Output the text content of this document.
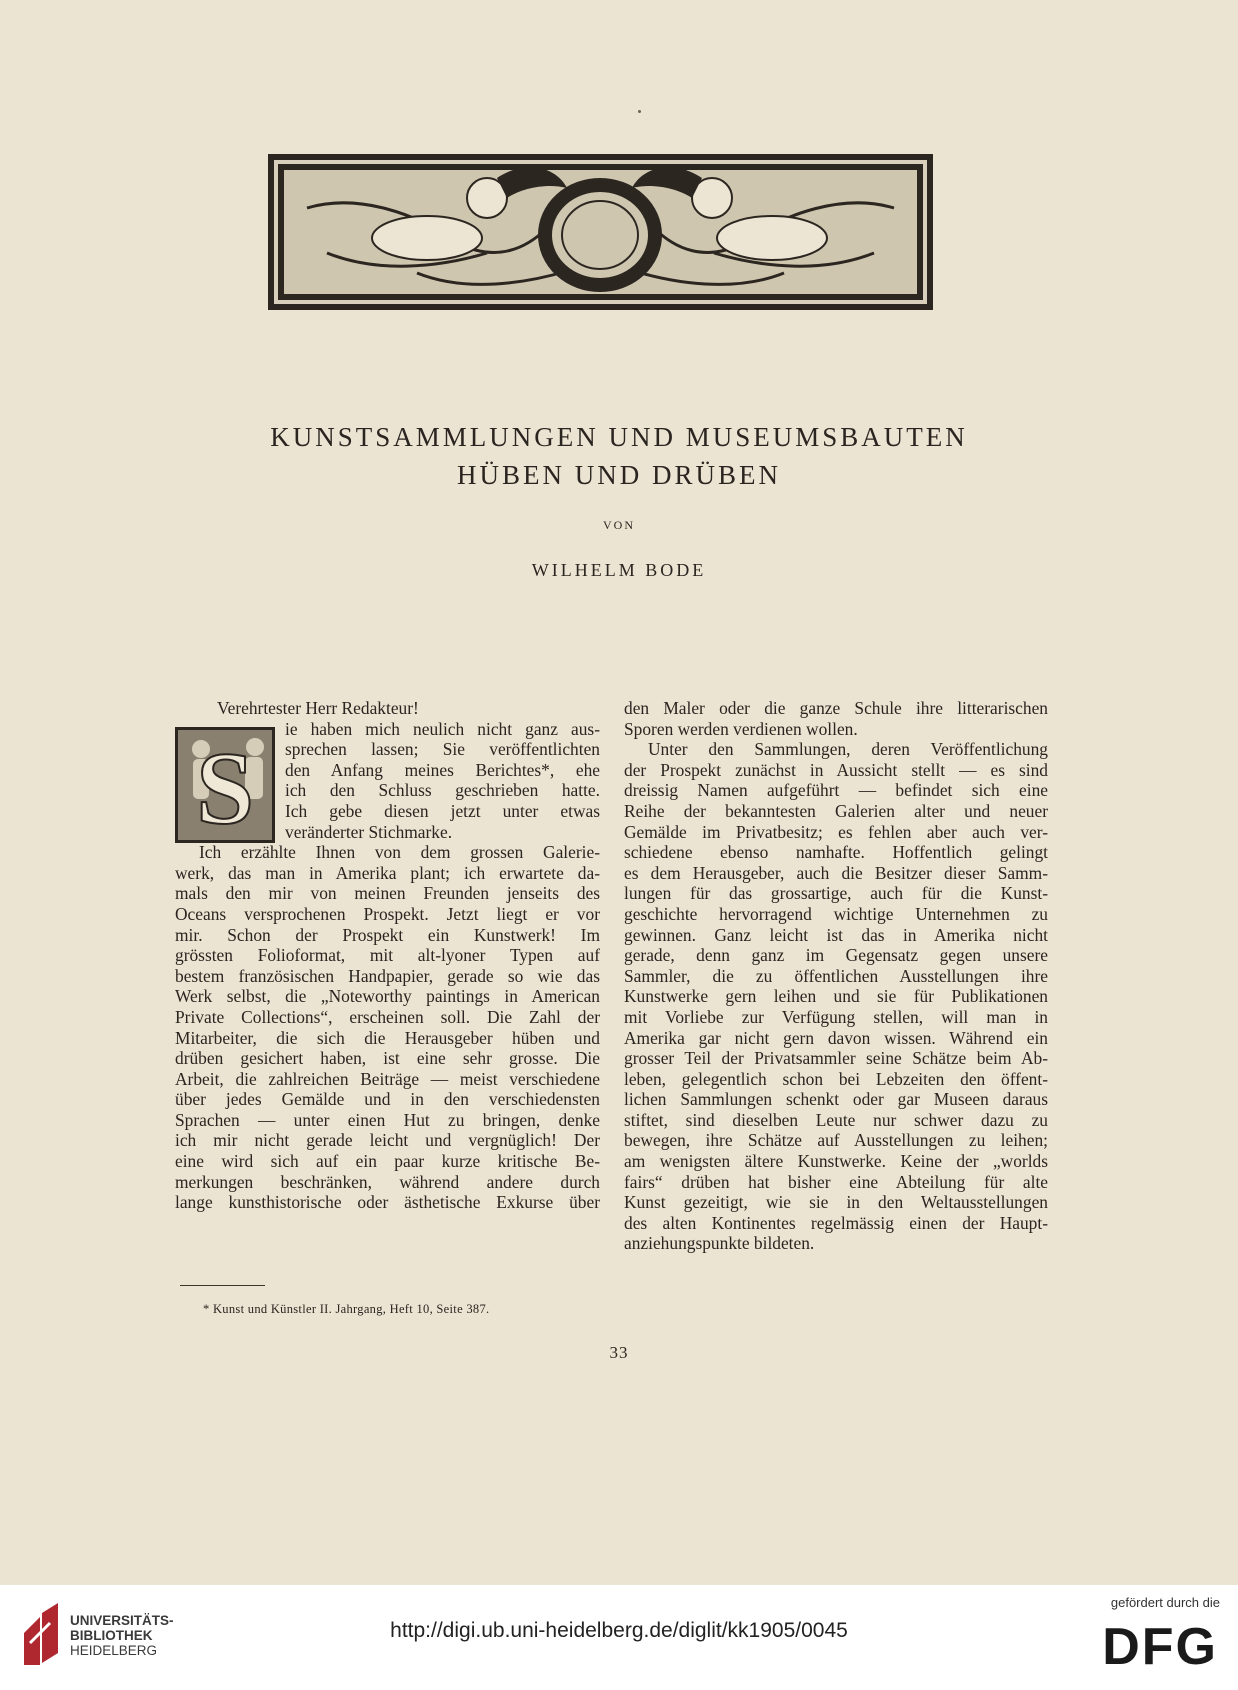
KUNSTSAMMLUNGEN UND MUSEUMSBAUTEN
HÜBEN UND DRÜBEN
VON
WILHELM BODE
S
Verehrtester Herr Redakteur!
ie haben mich neulich nicht ganz aus-
sprechen lassen; Sie veröffentlichten
den Anfang meines Berichtes*, ehe
ich den Schluss geschrieben hatte.
Ich gebe diesen jetzt unter etwas
veränderter Stichmarke.
Ich erzählte Ihnen von dem grossen Galerie-
werk, das man in Amerika plant; ich erwartete da-
mals den mir von meinen Freunden jenseits des
Oceans versprochenen Prospekt. Jetzt liegt er vor
mir. Schon der Prospekt ein Kunstwerk! Im
grössten Folioformat, mit alt-lyoner Typen auf
bestem französischen Handpapier, gerade so wie das
Werk selbst, die „Noteworthy paintings in American
Private Collections“, erscheinen soll. Die Zahl der
Mitarbeiter, die sich die Herausgeber hüben und
drüben gesichert haben, ist eine sehr grosse. Die
Arbeit, die zahlreichen Beiträge — meist verschiedene
über jedes Gemälde und in den verschiedensten
Sprachen — unter einen Hut zu bringen, denke
ich mir nicht gerade leicht und vergnüglich! Der
eine wird sich auf ein paar kurze kritische Be-
merkungen beschränken, während andere durch
lange kunsthistorische oder ästhetische Exkurse über
den Maler oder die ganze Schule ihre litterarischen
Sporen werden verdienen wollen.
Unter den Sammlungen, deren Veröffentlichung
der Prospekt zunächst in Aussicht stellt — es sind
dreissig Namen aufgeführt — befindet sich eine
Reihe der bekanntesten Galerien alter und neuer
Gemälde im Privatbesitz; es fehlen aber auch ver-
schiedene ebenso namhafte. Hoffentlich gelingt
es dem Herausgeber, auch die Besitzer dieser Samm-
lungen für das grossartige, auch für die Kunst-
geschichte hervorragend wichtige Unternehmen zu
gewinnen. Ganz leicht ist das in Amerika nicht
gerade, denn ganz im Gegensatz gegen unsere
Sammler, die zu öffentlichen Ausstellungen ihre
Kunstwerke gern leihen und sie für Publikationen
mit Vorliebe zur Verfügung stellen, will man in
Amerika gar nicht gern davon wissen. Während ein
grosser Teil der Privatsammler seine Schätze beim Ab-
leben, gelegentlich schon bei Lebzeiten den öffent-
lichen Sammlungen schenkt oder gar Museen daraus
stiftet, sind dieselben Leute nur schwer dazu zu
bewegen, ihre Schätze auf Ausstellungen zu leihen;
am wenigsten ältere Kunstwerke. Keine der „worlds
fairs“ drüben hat bisher eine Abteilung für alte
Kunst gezeitigt, wie sie in den Weltausstellungen
des alten Kontinentes regelmässig einen der Haupt-
anziehungspunkte bildeten.
* Kunst und Künstler II. Jahrgang, Heft 10, Seite 387.
33
UNIVERSITÄTS-
BIBLIOTHEK
HEIDELBERG
http://digi.ub.uni-heidelberg.de/diglit/kk1905/0045
gefördert durch die
DFG
